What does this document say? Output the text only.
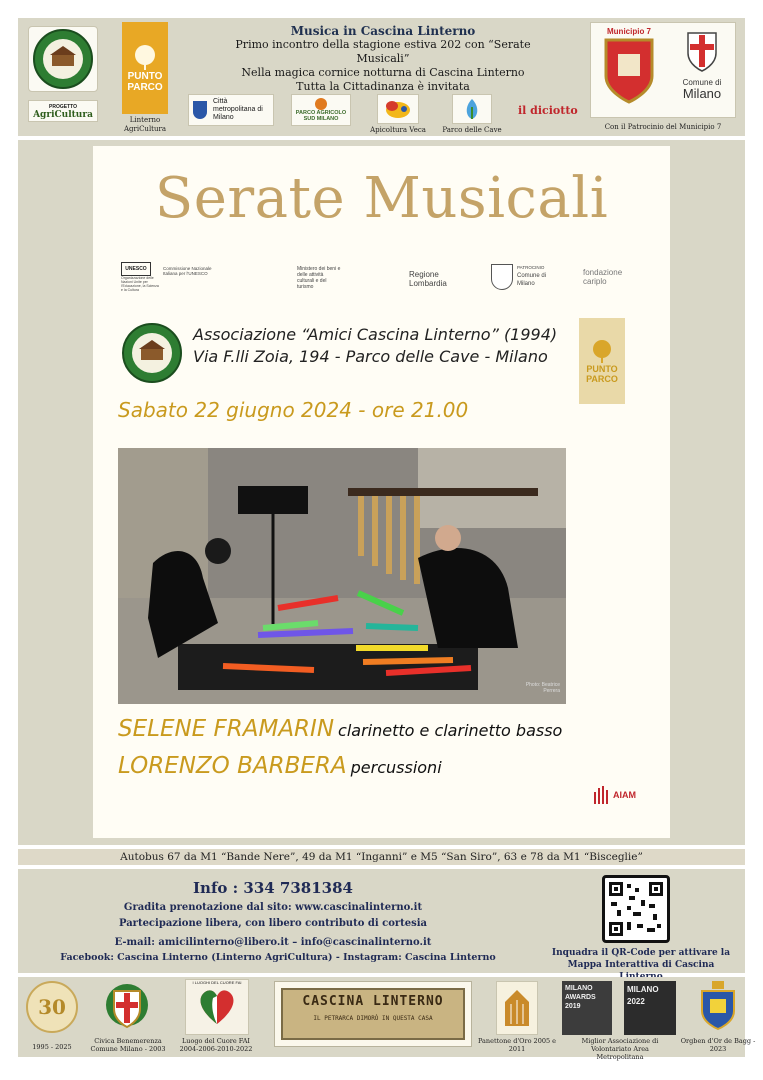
PROGETTO
AgriCultura
PUNTO PARCO
Linterno AgriCultura
Città metropolitana di Milano
PARCO AGRICOLO SUD MILANO
Apicoltura Veca Parco delle Cave
il diciotto
Musica in Cascina Linterno
Primo incontro della stagione estiva 202 con “Serate Musicali”
Nella magica cornice notturna di Cascina Linterno
Tutta la Cittadinanza è invitata
Municipio 7
Comune di
Milano
Con il Patrocinio del Municipio 7
Serate Musicali
UNESCO
Organizzazione delle Nazioni Unite per l'Educazione, la Scienza e la Cultura
Commissione Nazionale Italiana per l'UNESCO
Ministero dei beni e delle attività culturali e del turismo
Regione Lombardia
PATROCINIO
Comune di Milano
fondazione cariplo
Associazione “Amici Cascina Linterno” (1994)
Via F.lli Zoia, 194 - Parco delle Cave - Milano
PUNTO PARCO
Sabato 22 giugno 2024 - ore 21.00
Photo: Beatrice Perrera
SELENE FRAMARIN clarinetto e clarinetto basso
LORENZO BARBERA percussioni
AIAM
Autobus 67 da M1 “Bande Nere”, 49 da M1 “Inganni” e M5 “San Siro”, 63 e 78 da M1 “Bisceglie”
Info : 334 7381384
Gradita prenotazione dal sito: www.cascinalinterno.it
Partecipazione libera, con libero contributo di cortesia
E-mail: amicilinterno@libero.it – info@cascinalinterno.it
Facebook: Cascina Linterno (Linterno AgriCultura) - Instagram: Cascina Linterno	Inquadra il QR-Code per attivare la
Mappa Interattiva di Cascina
30
1995 - 2025
Civica Benemerenza Comune Milano - 2003
I LUOGHI DEL CUORE FAI
Luogo del Cuore FAI 2004-2006-2010-2022
CASCINA LINTERNO
IL PETRARCA DIMORÒ IN QUESTA CASA
Panettone d'Oro 2005 e 2011
MILANO AWARDS 2019
MILANO 2022
Miglior Associazione di Volontariato Area Metropolitana
Orgben d'Or de Bagg - 2023
